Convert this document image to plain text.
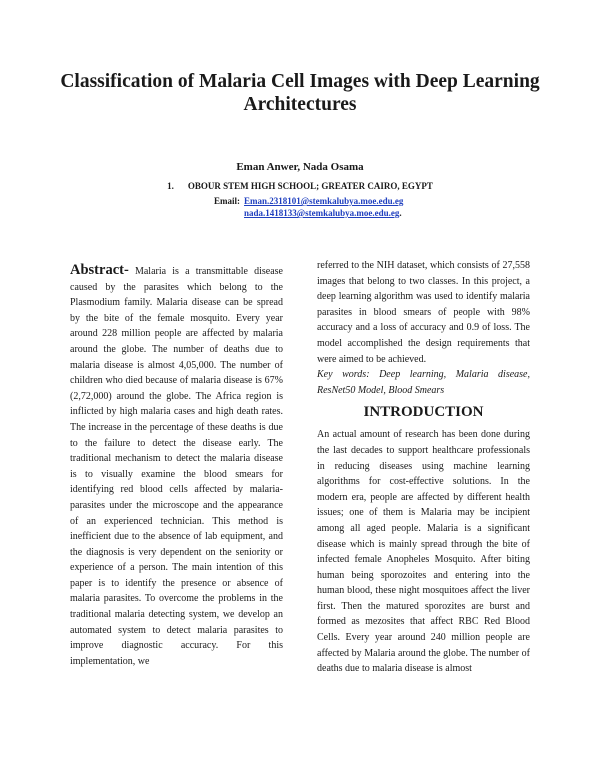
Classification of Malaria Cell Images with Deep Learning Architectures
Eman Anwer, Nada Osama
1. OBOUR STEM HIGH SCHOOL; GREATER CAIRO, EGYPT
Email: Eman.2318101@stemkalubya.moe.edu.eg
nada.1418133@stemkalubya.moe.edu.eg.

Abstract- Malaria is a transmittable disease caused by the parasites which belong to the Plasmodium family. Malaria disease can be spread by the bite of the female mosquito. Every year around 228 million people are affected by malaria around the globe. The number of deaths due to malaria disease is almost 4,05,000. The number of children who died because of malaria disease is 67% (2,72,000) around the globe. The Africa region is inflicted by high malaria cases and high death rates. The increase in the percentage of these deaths is due to the failure to detect the disease early. The traditional mechanism to detect the malaria disease is to visually examine the blood smears for identifying red blood cells affected by malaria-parasites under the microscope and the appearance of an experienced technician. This method is inefficient due to the absence of lab equipment, and the diagnosis is very dependent on the seniority or experience of a person. The main intention of this paper is to identify the presence or absence of malaria parasites. To overcome the problems in the traditional malaria detecting system, we develop an automated system to detect malaria parasites to improve diagnostic accuracy. For this implementation, we

referred to the NIH dataset, which consists of 27,558 images that belong to two classes. In this project, a deep learning algorithm was used to identify malaria parasites in blood smears of people with 98% accuracy and a loss of accuracy and 0.9 of loss. The model accomplished the design requirements that were aimed to be achieved.

Key words: Deep learning, Malaria disease, ResNet50 Model, Blood Smears

INTRODUCTION

An actual amount of research has been done during the last decades to support healthcare professionals in reducing diseases using machine learning algorithms for cost-effective solutions. In the modern era, people are affected by different health issues; one of them is Malaria may be incipient among all aged people. Malaria is a significant disease which is mainly spread through the bite of infected female Anopheles Mosquito. After biting human being sporozoites and entering into the human blood, these night mosquitoes affect the liver first. Then the matured sporozites are burst and formed as mezosites that affect RBC Red Blood Cells. Every year around 240 million people are affected by Malaria around the globe. The number of deaths due to malaria disease is almost
